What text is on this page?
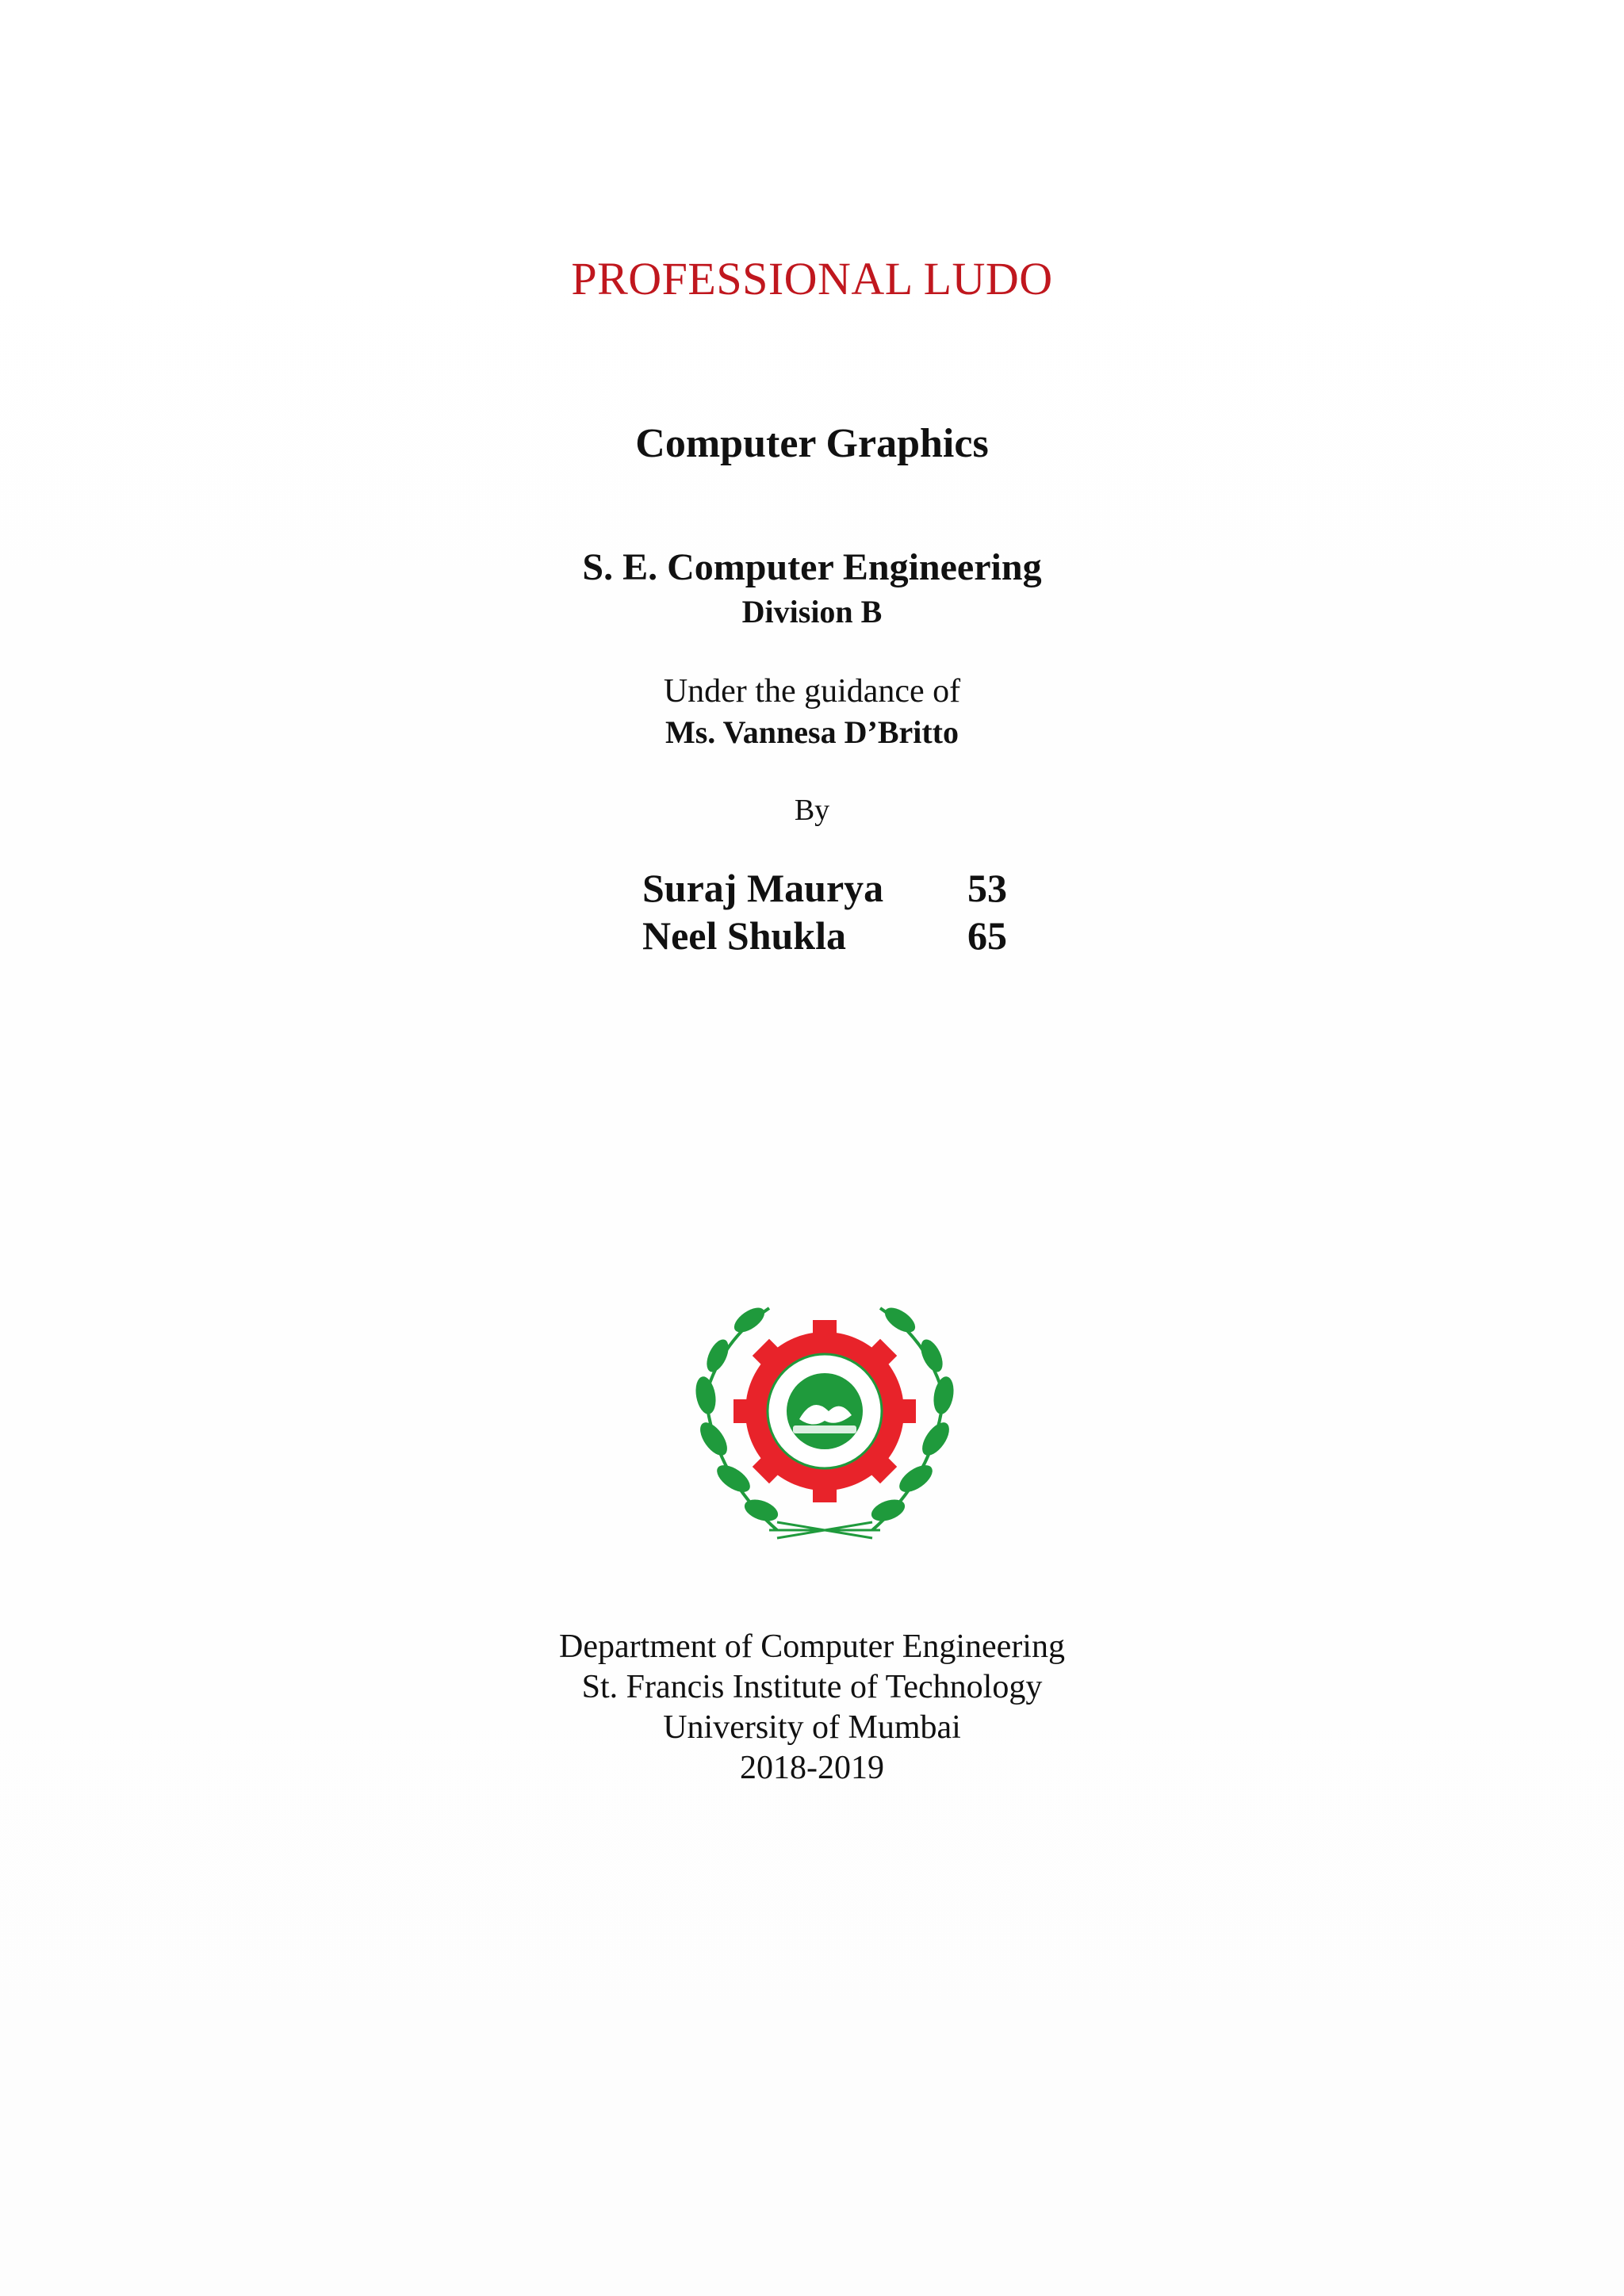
PROFESSIONAL LUDO
Computer Graphics
S. E. Computer Engineering
Division B
Under the guidance of
Ms. Vannesa D’Britto
By
Suraj Maurya 53
Neel Shukla	65
Department of Computer Engineering
St. Francis Institute of Technology
University of Mumbai
2018-2019
